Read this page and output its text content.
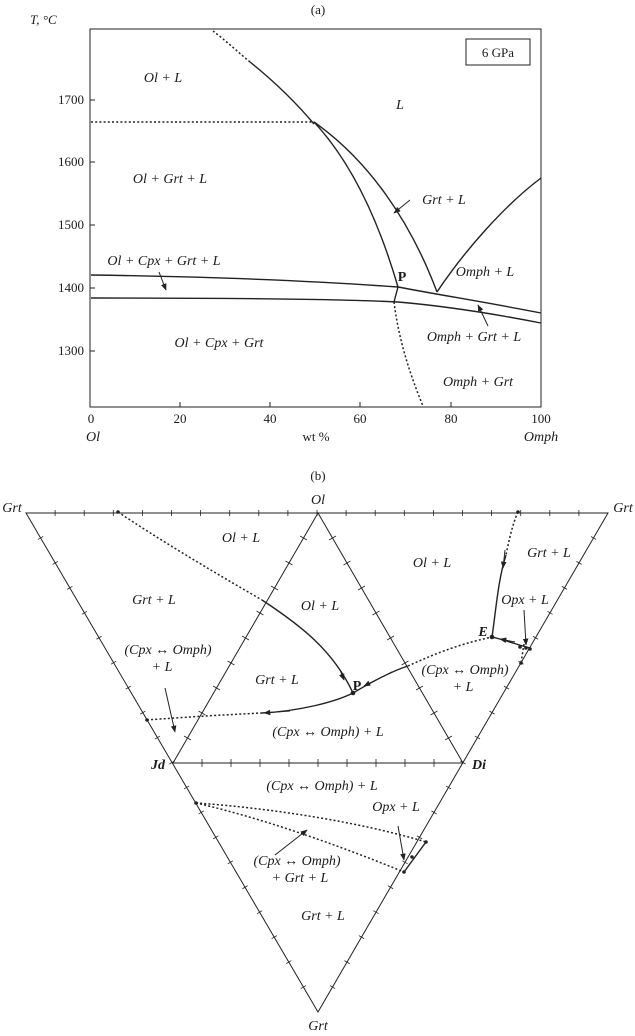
(a)
T, °C
1700
1600
1500
1400
1300
0	20	40	60	80	100
Ol	wt %	Omph
6 GPa
Ol + L
L
Ol + Grt + L
Grt + L
Ol + Cpx + Grt + L
Omph + L
Omph + Grt + L
Ol + Cpx + Grt
Omph + Grt
P
(b)
Grt
Ol
Grt
Jd	Di
Grt
Ol + L
Ol + L
Grt + L
Grt + L	Ol + L	Opx + L
E
(Cpx ↔ Omph)
+ L	(Cpx ↔ Omph)
+ L
Grt + L	P
(Cpx ↔ Omph) + L
(Cpx ↔ Omph) + L
Opx + L
(Cpx ↔ Omph)
+ Grt + L
Grt + L
